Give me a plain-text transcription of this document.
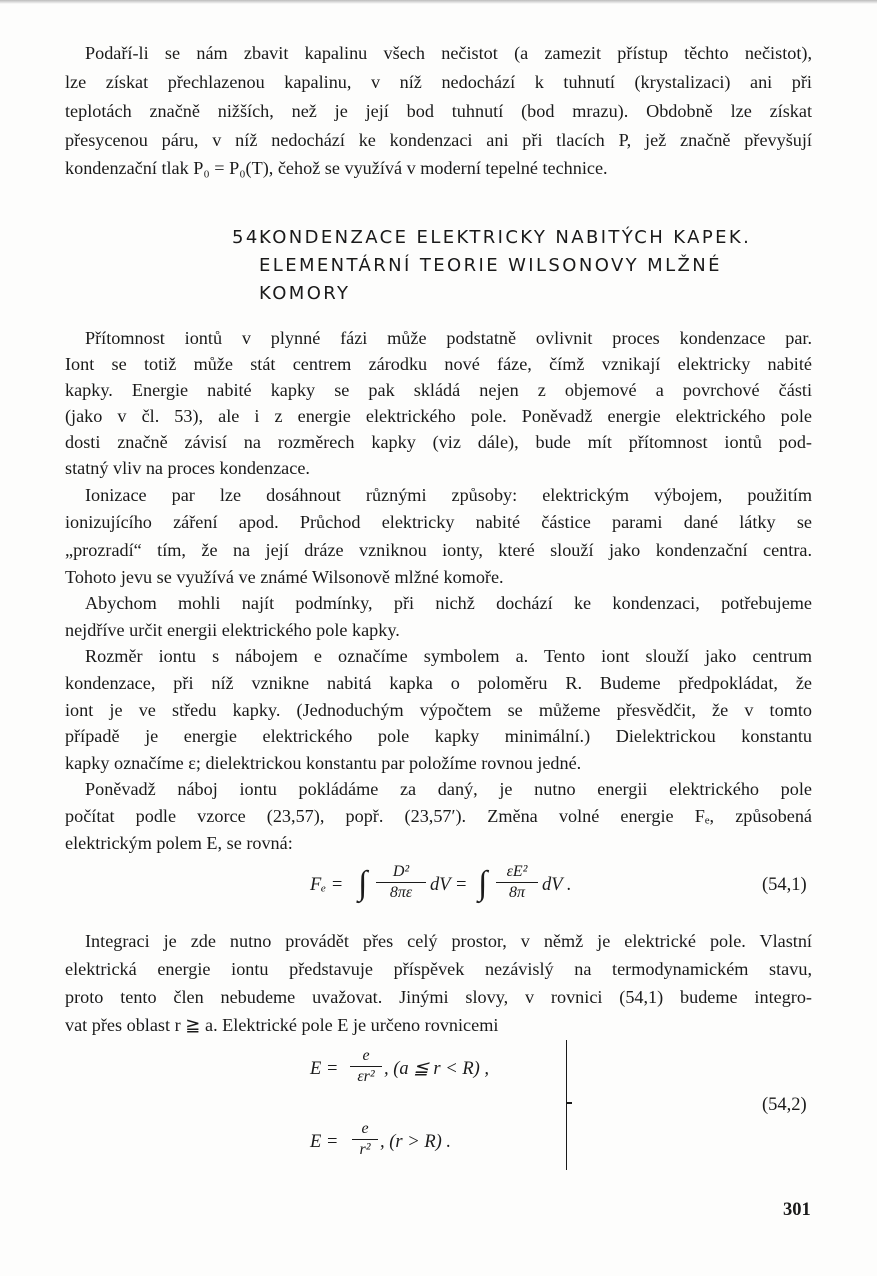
Podaří-li se nám zbavit kapalinu všech nečistot (a zamezit přístup těchto nečistot),
lze získat přechlazenou kapalinu, v níž nedochází k tuhnutí (krystalizaci) ani při
teplotách značně nižších, než je její bod tuhnutí (bod mrazu). Obdobně lze získat
přesycenou páru, v níž nedochází ke kondenzaci ani při tlacích P, jež značně převyšují
kondenzační tlak P₀ = P₀(T), čehož se využívá v moderní tepelné technice.
Přítomnost iontů v plynné fázi může podstatně ovlivnit proces kondenzace par.
Iont se totiž může stát centrem zárodku nové fáze, čímž vznikají elektricky nabité
kapky. Energie nabité kapky se pak skládá nejen z objemové a povrchové části
(jako v čl. 53), ale i z energie elektrického pole. Poněvadž energie elektrického pole
dosti značně závisí na rozměrech kapky (viz dále), bude mít přítomnost iontů pod-
statný vliv na proces kondenzace.
Ionizace par lze dosáhnout různými způsoby: elektrickým výbojem, použitím
ionizujícího záření apod. Průchod elektricky nabité částice parami dané látky se
„prozradí“ tím, že na její dráze vzniknou ionty, které slouží jako kondenzační centra.
Tohoto jevu se využívá ve známé Wilsonově mlžné komoře.
Abychom mohli najít podmínky, při nichž dochází ke kondenzaci, potřebujeme
nejdříve určit energii elektrického pole kapky.
Rozměr iontu s nábojem e označíme symbolem a. Tento iont slouží jako centrum
kondenzace, při níž vznikne nabitá kapka o poloměru R. Budeme předpokládat, že
iont je ve středu kapky. (Jednoduchým výpočtem se můžeme přesvědčit, že v tomto
případě je energie elektrického pole kapky minimální.) Dielektrickou konstantu
kapky označíme ε; dielektrickou konstantu par položíme rovnou jedné.
Poněvadž náboj iontu pokládáme za daný, je nutno energii elektrického pole
počítat podle vzorce (23,57), popř. (23,57′). Změna volné energie Fₑ, způsobená
elektrickým polem E, se rovná:
Integraci je zde nutno provádět přes celý prostor, v němž je elektrické pole. Vlastní
elektrická energie iontu představuje příspěvek nezávislý na termodynamickém stavu,
proto tento člen nebudeme uvažovat. Jinými slovy, v rovnici (54,1) budeme integro-
vat přes oblast r ≧ a. Elektrické pole E je určeno rovnicemi
54.
KONDENZACE ELEKTRICKY NABITÝCH KAPEK.
ELEMENTÁRNÍ TEORIE WILSONOVY MLŽNÉ
KOMORY
Fₑ = ∫ $\frac{\text{D²}}{8\pi\varepsilon}$ dV = ∫ $\frac{\text{εE²}}{8\pi}$ dV .	(54,1)
$E = \frac{e}{\text{εr²}}$ , (a ≦ r < R) ,
$E = \frac{e}{\text{r²}}$ , (r > R) .
(54,2)
301
